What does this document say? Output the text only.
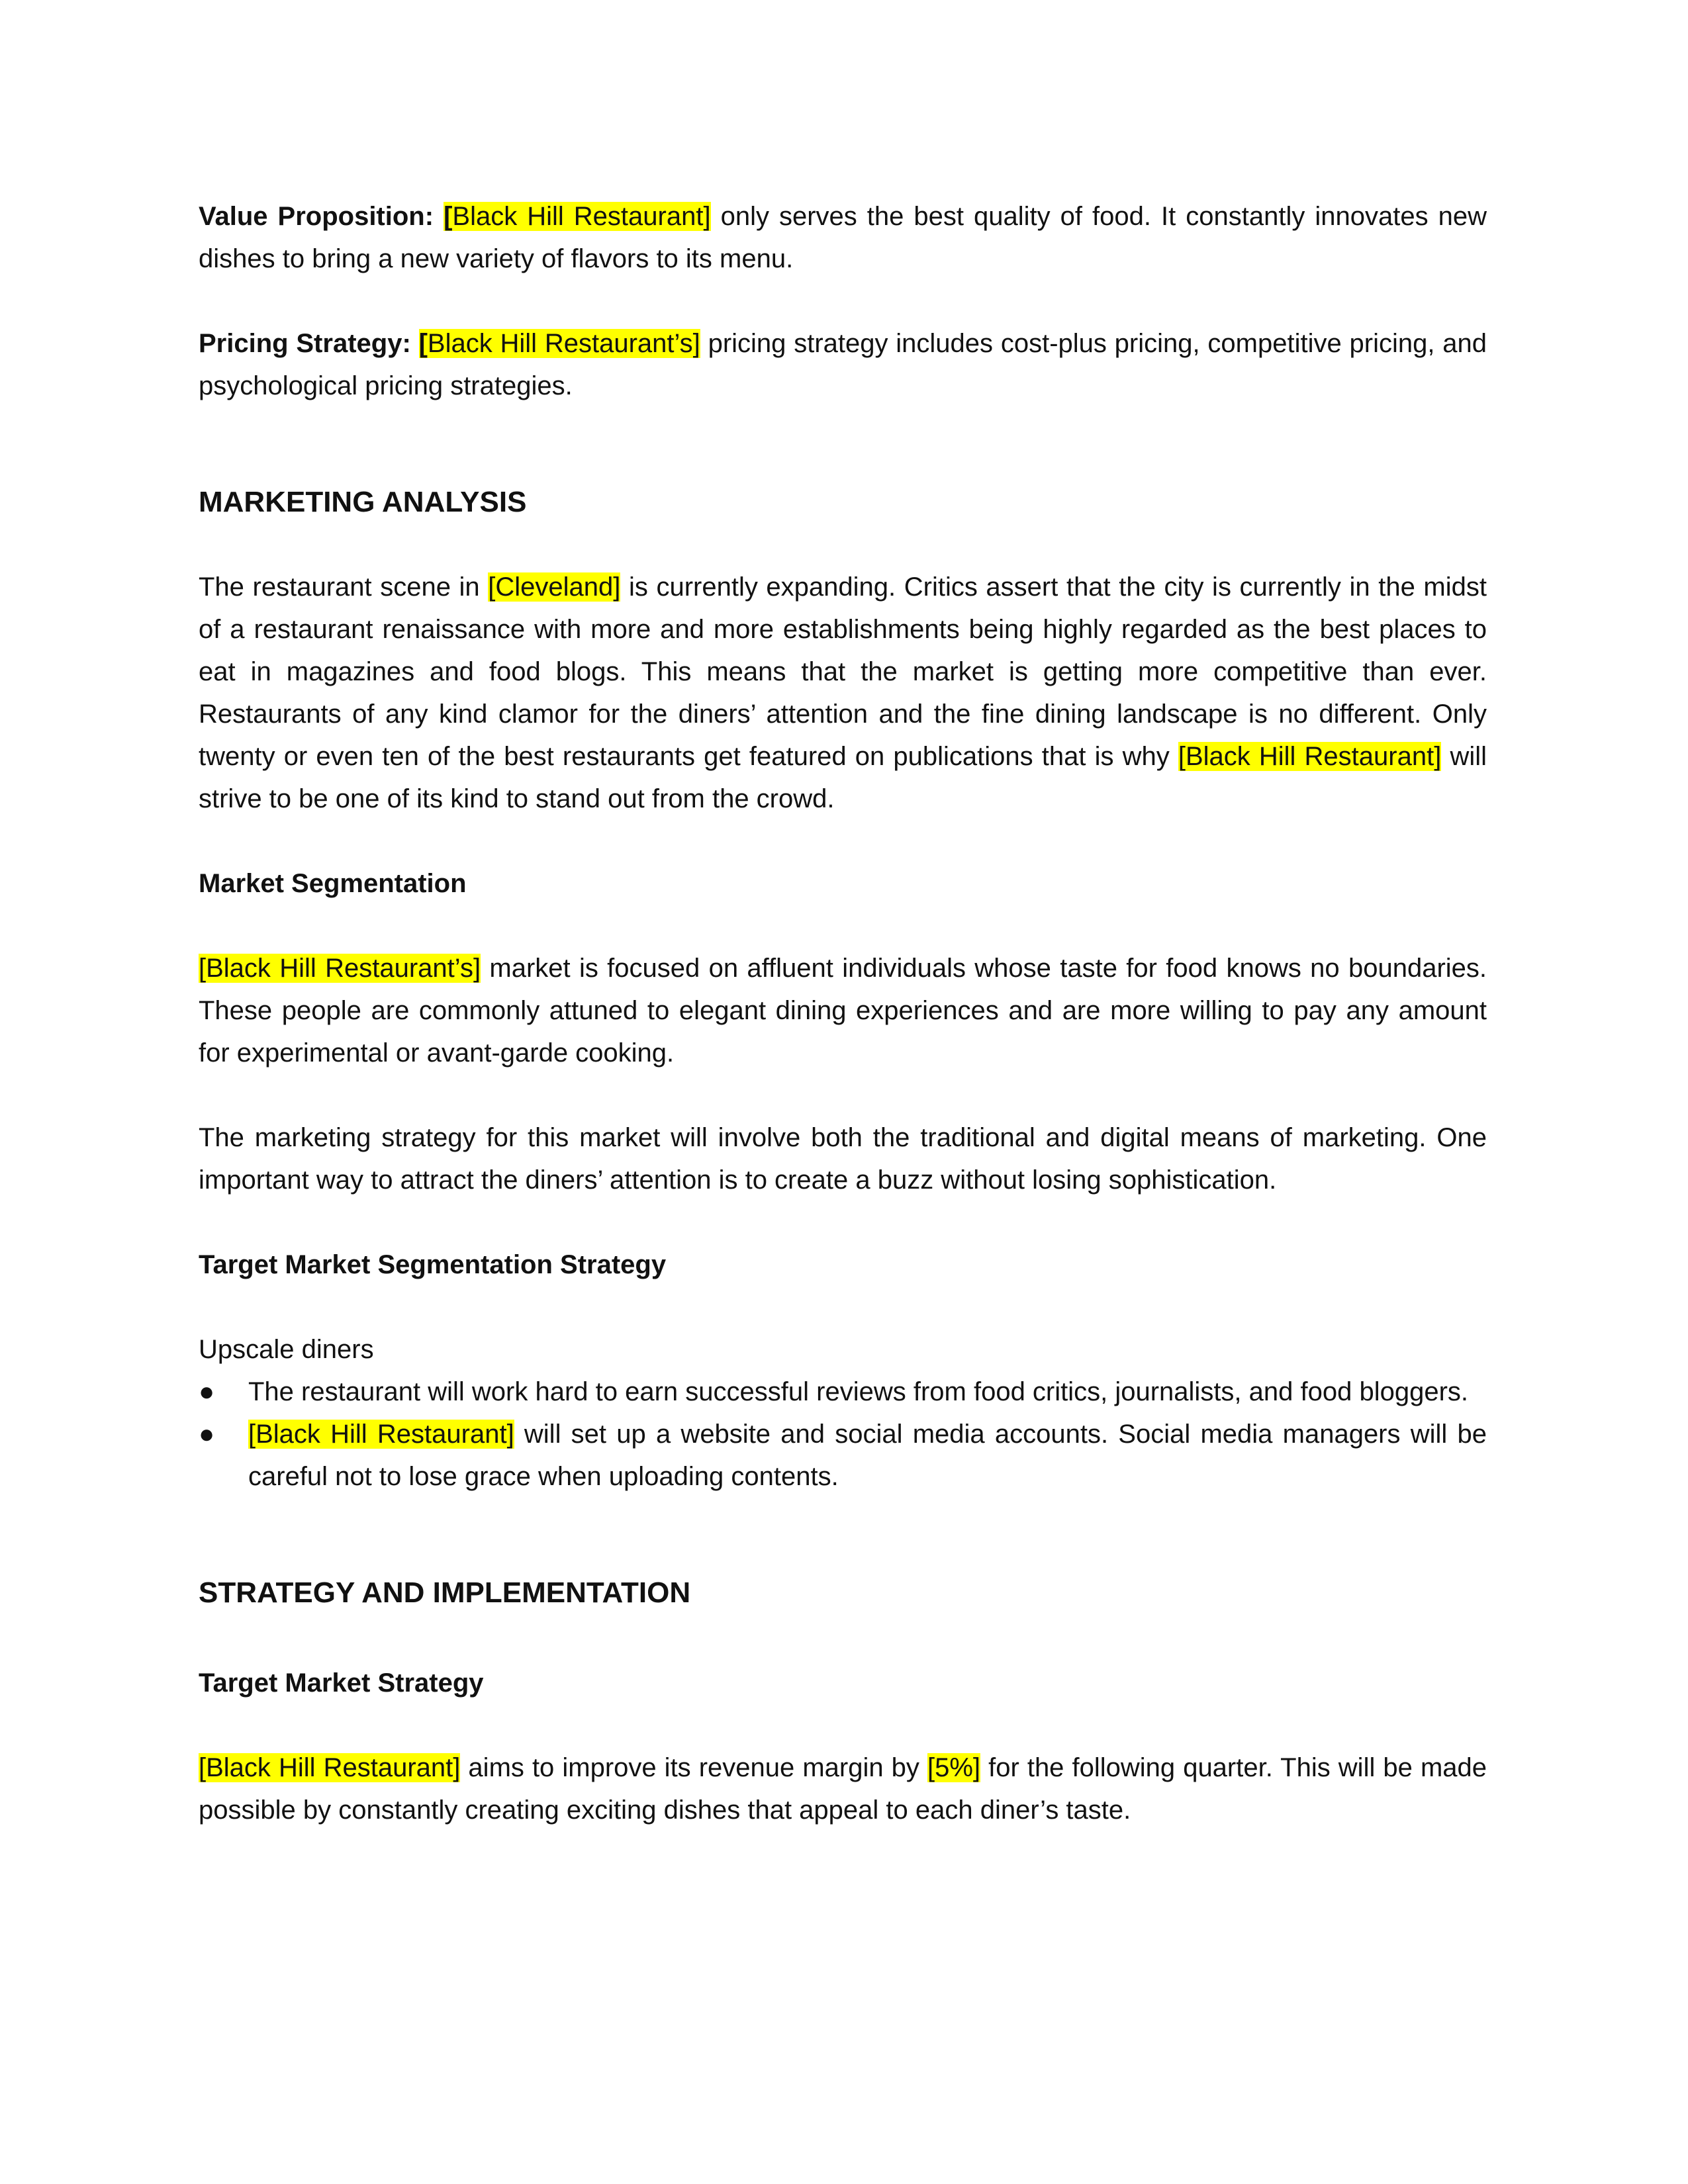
Value Proposition: [Black Hill Restaurant] only serves the best quality of food. It constantly innovates new dishes to bring a new variety of flavors to its menu.

Pricing Strategy: [Black Hill Restaurant’s] pricing strategy includes cost-plus pricing, competitive pricing, and psychological pricing strategies.

MARKETING ANALYSIS

The restaurant scene in [Cleveland] is currently expanding. Critics assert that the city is currently in the midst of a restaurant renaissance with more and more establishments being highly regarded as the best places to eat in magazines and food blogs. This means that the market is getting more competitive than ever. Restaurants of any kind clamor for the diners’ attention and the fine dining landscape is no different. Only twenty or even ten of the best restaurants get featured on publications that is why [Black Hill Restaurant] will strive to be one of its kind to stand out from the crowd.

Market Segmentation

[Black Hill Restaurant’s] market is focused on affluent individuals whose taste for food knows no boundaries. These people are commonly attuned to elegant dining experiences and are more willing to pay any amount for experimental or avant-garde cooking.

The marketing strategy for this market will involve both the traditional and digital means of marketing. One important way to attract the diners’ attention is to create a buzz without losing sophistication.

Target Market Segmentation Strategy

Upscale diners

●	The restaurant will work hard to earn successful reviews from food critics, journalists, and food bloggers.
●	[Black Hill Restaurant] will set up a website and social media accounts. Social media managers will be careful not to lose grace when uploading contents.

STRATEGY AND IMPLEMENTATION

Target Market Strategy

[Black Hill Restaurant] aims to improve its revenue margin by [5%] for the following quarter. This will be made possible by constantly creating exciting dishes that appeal to each diner’s taste.
